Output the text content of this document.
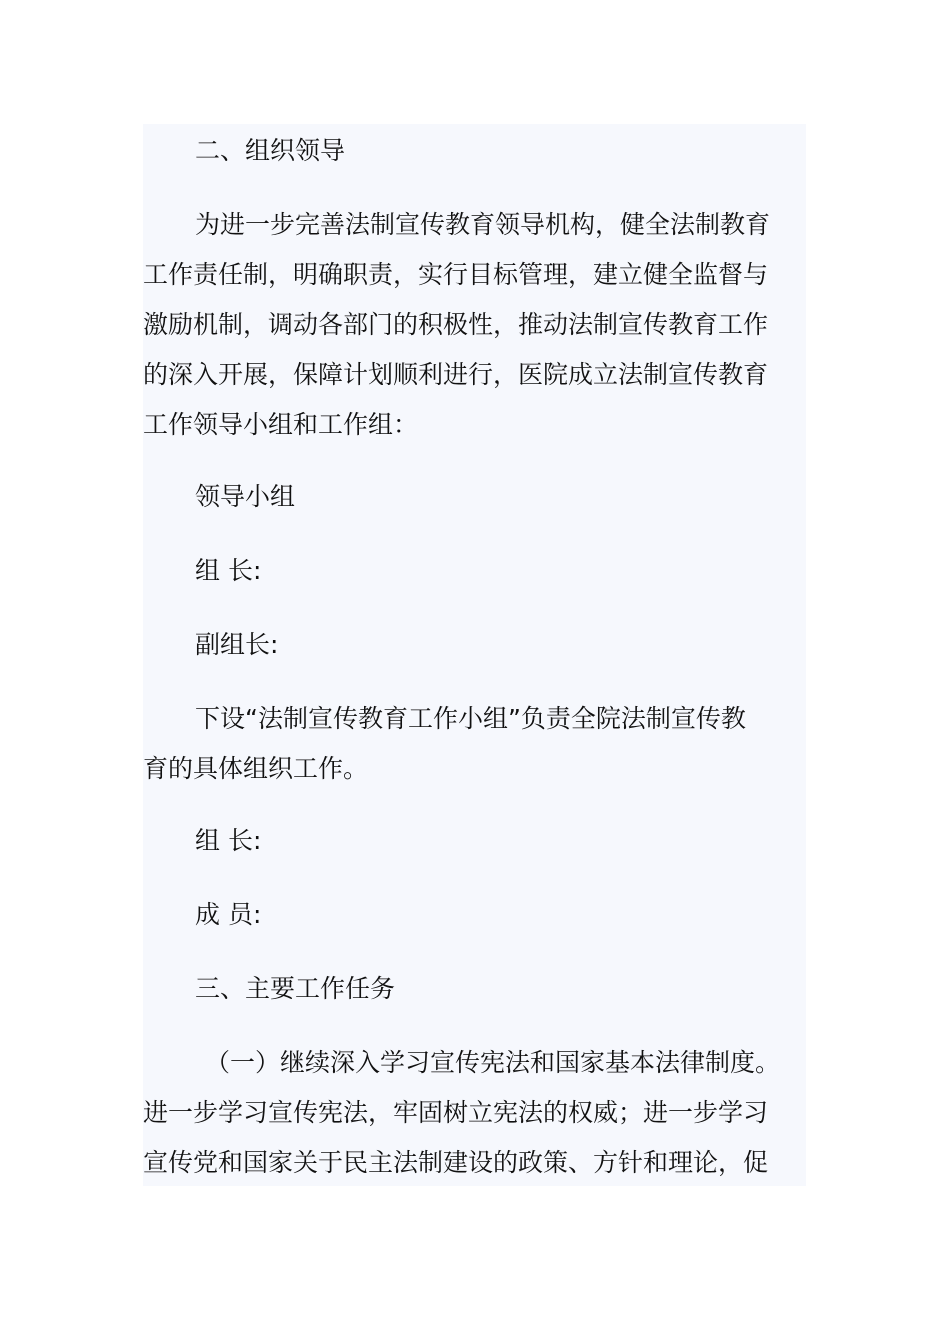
二、组织领导

为进一步完善法制宣传教育领导机构，健全法制教育
工作责任制，明确职责，实行目标管理，建立健全监督与
激励机制，调动各部门的积极性，推动法制宣传教育工作
的深入开展，保障计划顺利进行，医院成立法制宣传教育
工作领导小组和工作组：

领导小组

组 长:

副组长:

下设“法制宣传教育工作小组”负责全院法制宣传教
育的具体组织工作。

组 长:

成 员:

三、主要工作任务

（一）继续深入学习宣传宪法和国家基本法律制度。
进一步学习宣传宪法，牢固树立宪法的权威；进一步学习
宣传党和国家关于民主法制建设的政策、方针和理论，促
